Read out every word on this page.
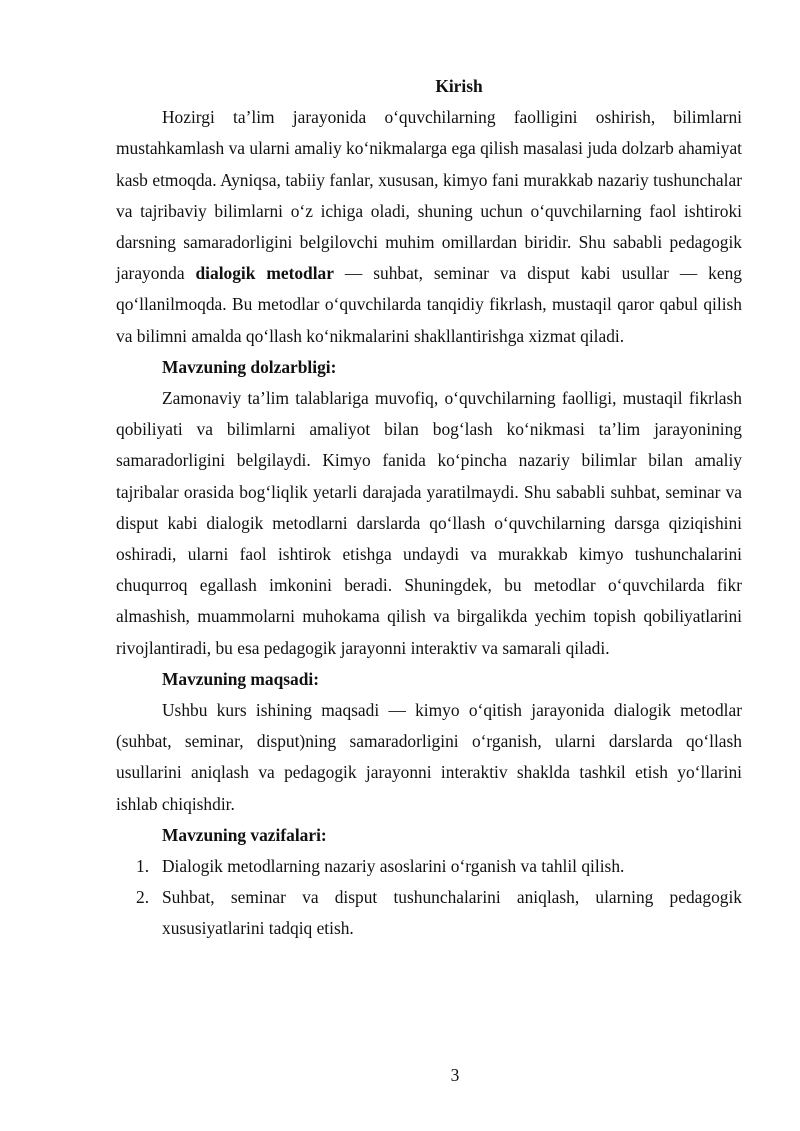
Kirish

Hozirgi ta’lim jarayonida o‘quvchilarning faolligini oshirish, bilimlarni mustahkamlash va ularni amaliy ko‘nikmalarga ega qilish masalasi juda dolzarb ahamiyat kasb etmoqda. Ayniqsa, tabiiy fanlar, xususan, kimyo fani murakkab nazariy tushunchalar va tajribaviy bilimlarni o‘z ichiga oladi, shuning uchun o‘quvchilarning faol ishtiroki darsning samaradorligini belgilovchi muhim omillardan biridir. Shu sababli pedagogik jarayonda dialogik metodlar — suhbat, seminar va disput kabi usullar — keng qo‘llanilmoqda. Bu metodlar o‘quvchilarda tanqidiy fikrlash, mustaqil qaror qabul qilish va bilimni amalda qo‘llash ko‘nikmalarini shakllantirishga xizmat qiladi.

Mavzuning dolzarbligi:

Zamonaviy ta’lim talablariga muvofiq, o‘quvchilarning faolligi, mustaqil fikrlash qobiliyati va bilimlarni amaliyot bilan bog‘lash ko‘nikmasi ta’lim jarayonining samaradorligini belgilaydi. Kimyo fanida ko‘pincha nazariy bilimlar bilan amaliy tajribalar orasida bog‘liqlik yetarli darajada yaratilmaydi. Shu sababli suhbat, seminar va disput kabi dialogik metodlarni darslarda qo‘llash o‘quvchilarning darsga qiziqishini oshiradi, ularni faol ishtirok etishga undaydi va murakkab kimyo tushunchalarini chuqurroq egallash imkonini beradi. Shuningdek, bu metodlar o‘quvchilarda fikr almashish, muammolarni muhokama qilish va birgalikda yechim topish qobiliyatlarini rivojlantiradi, bu esa pedagogik jarayonni interaktiv va samarali qiladi.

Mavzuning maqsadi:

Ushbu kurs ishining maqsadi — kimyo o‘qitish jarayonida dialogik metodlar (suhbat, seminar, disput)ning samaradorligini o‘rganish, ularni darslarda qo‘llash usullarini aniqlash va pedagogik jarayonni interaktiv shaklda tashkil etish yo‘llarini ishlab chiqishdir.

Mavzuning vazifalari:

1. Dialogik metodlarning nazariy asoslarini o‘rganish va tahlil qilish.
2. Suhbat, seminar va disput tushunchalarini aniqlash, ularning pedagogik xususiyatlarini tadqiq etish.
3
